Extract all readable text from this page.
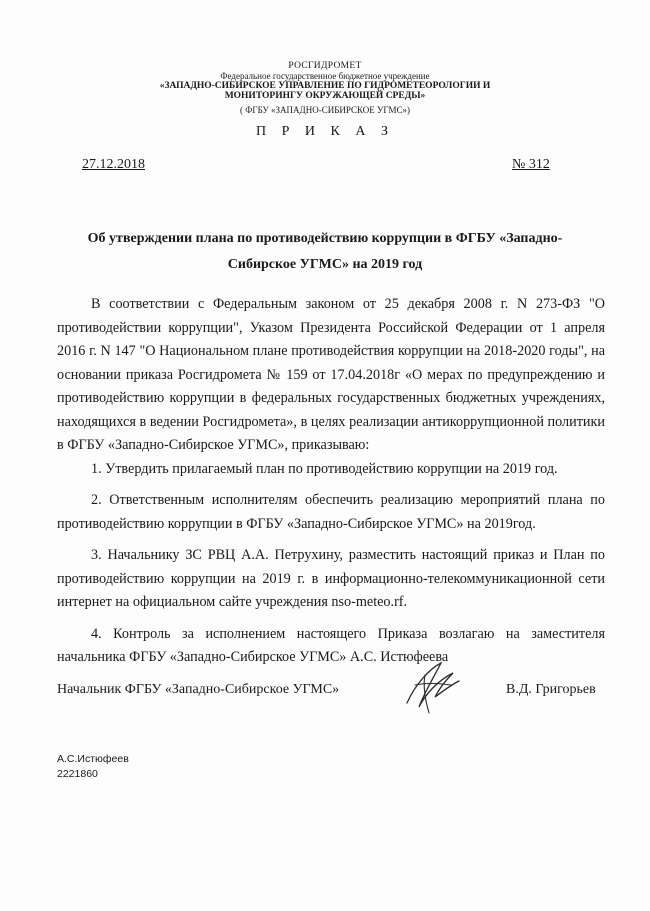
РОСГИДРОМЕТ
Федеральное государственное бюджетное учреждение
«ЗАПАДНО-СИБИРСКОЕ УПРАВЛЕНИЕ ПО ГИДРОМЕТЕОРОЛОГИИ И МОНИТОРИНГУ ОКРУЖАЮЩЕЙ СРЕДЫ»
( ФГБУ «ЗАПАДНО-СИБИРСКОЕ УГМС»)
П Р И К А З
27.12.2018	№ 312
Об утверждении плана по противодействию коррупции в ФГБУ «Западно-Сибирское УГМС» на 2019 год

В соответствии с Федеральным законом от 25 декабря 2008 г. N 273-ФЗ "О противодействии коррупции", Указом Президента Российской Федерации от 1 апреля 2016 г. N 147 "О Национальном плане противодействия коррупции на 2018-2020 годы", на основании приказа Росгидромета № 159 от 17.04.2018г «О мерах по предупреждению и противодействию коррупции в федеральных государственных бюджетных учреждениях, находящихся в ведении Росгидромета», в целях реализации антикоррупционной политики в ФГБУ «Западно-Сибирское УГМС», приказываю:

1. Утвердить прилагаемый план по противодействию коррупции на 2019 год.

2. Ответственным исполнителям обеспечить реализацию мероприятий плана по противодействию коррупции в ФГБУ «Западно-Сибирское УГМС» на 2019год.

3. Начальнику ЗС РВЦ А.А. Петрухину, разместить настоящий приказ и План по противодействию коррупции на 2019 г. в информационно-телекоммуникационной сети интернет на официальном сайте учреждения nso-meteo.rf.

4. Контроль за исполнением настоящего Приказа возлагаю на заместителя начальника ФГБУ «Западно-Сибирское УГМС» А.С. Истюфеева

Начальник ФГБУ «Западно-Сибирское УГМС»	В.Д. Григорьев
А.С.Истюфеев
2221860
